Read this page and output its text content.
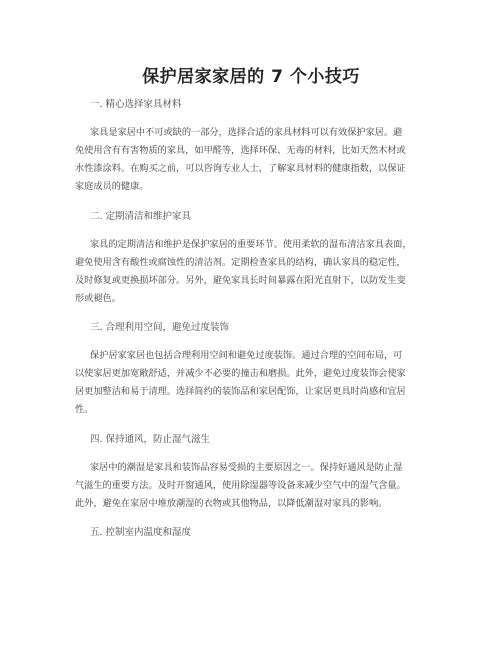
保护居家家居的 7 个小技巧
一. 精心选择家具材料
家具是家居中不可或缺的一部分，选择合适的家具材料可以有效保护家居。避
免使用含有有害物质的家具，如甲醛等，选择环保、无毒的材料，比如天然木材或
水性漆涂料。在购买之前，可以咨询专业人士，了解家具材料的健康指数，以保证
家庭成员的健康。
二. 定期清洁和维护家具
家具的定期清洁和维护是保护家居的重要环节。使用柔软的湿布清洁家具表面，
避免使用含有酸性或腐蚀性的清洁剂。定期检查家具的结构，确认家具的稳定性，
及时修复或更换损坏部分。另外，避免家具长时间暴露在阳光直射下，以防发生变
形或褪色。
三. 合理利用空间，避免过度装饰
保护居家家居也包括合理利用空间和避免过度装饰。通过合理的空间布局，可
以使家居更加宽敞舒适，并减少不必要的撞击和磨损。此外，避免过度装饰会使家
居更加整洁和易于清理。选择简约的装饰品和家居配饰，让家居更具时尚感和宜居
性。
四. 保持通风，防止湿气滋生
家居中的潮湿是家具和装饰品容易受损的主要原因之一。保持好通风是防止湿
气滋生的重要方法。及时开窗通风，使用除湿器等设备来减少空气中的湿气含量。
此外，避免在家居中堆放潮湿的衣物或其他物品，以降低潮湿对家具的影响。
五. 控制室内温度和湿度
